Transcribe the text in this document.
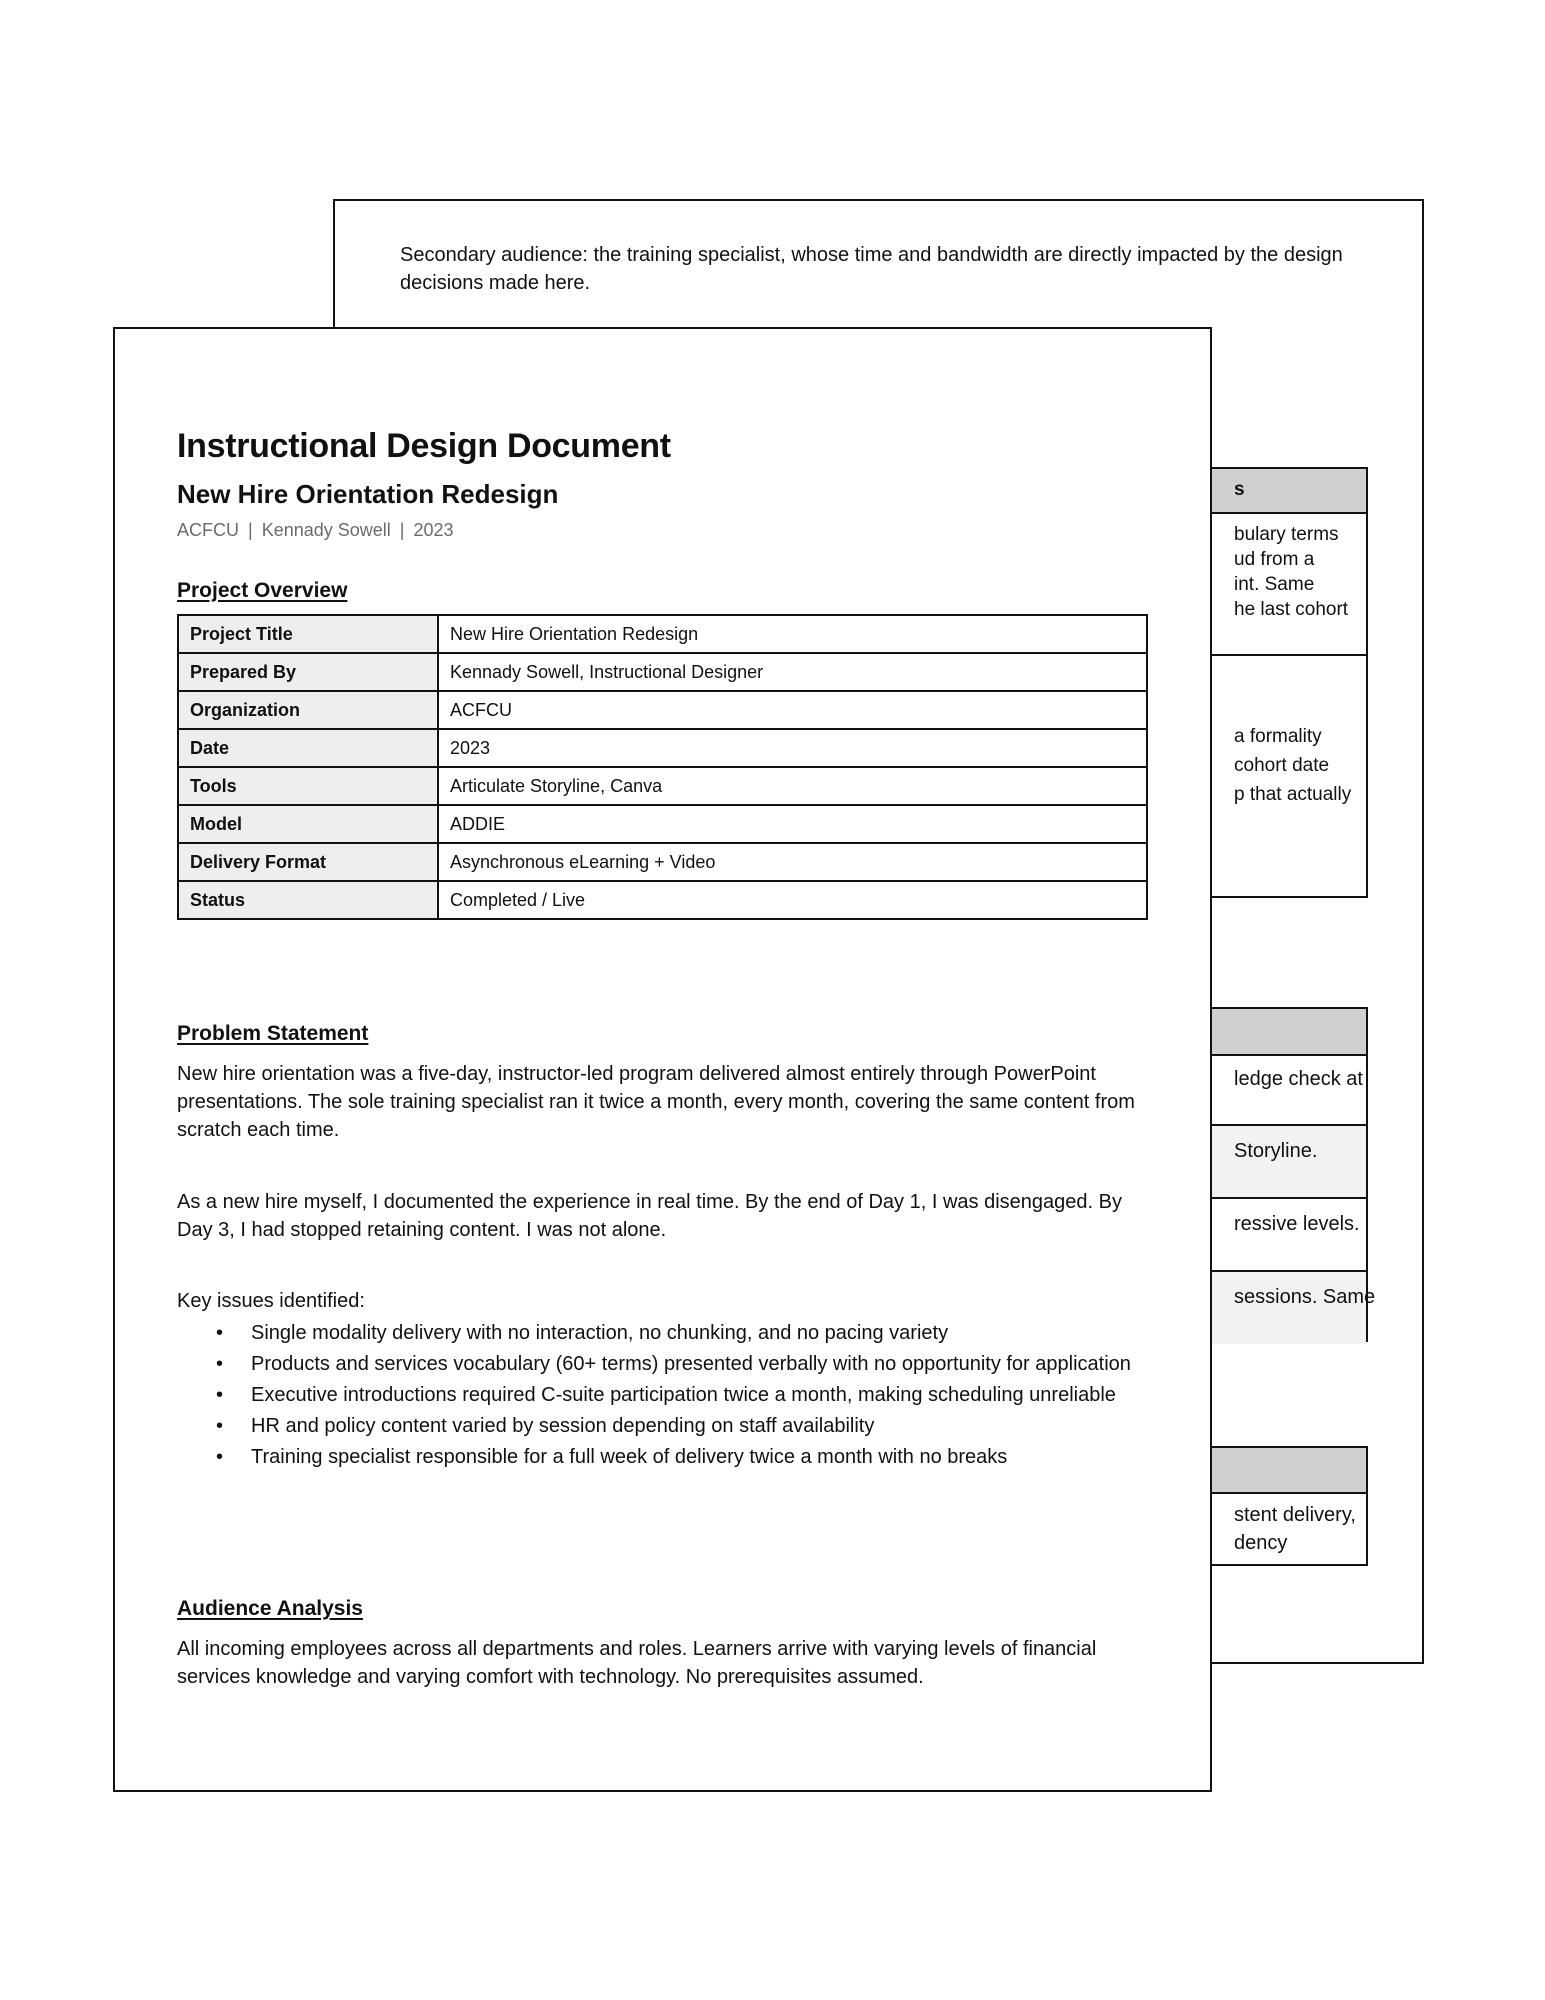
Secondary audience: the training specialist, whose time and bandwidth are directly impacted by the design decisions made here.

s
bulary terms
ud from a
int. Same
he last cohort
a formality
cohort date
p that actually
ledge check at
Storyline.
ressive levels.
sessions. Same
stent delivery,
dency
Instructional Design Document
New Hire Orientation Redesign
ACFCU | Kennady Sowell | 2023
Project Overview
Project Title	New Hire Orientation Redesign
Prepared By	Kennady Sowell, Instructional Designer
Organization	ACFCU
Date	2023
Tools	Articulate Storyline, Canva
Model	ADDIE
Delivery Format	Asynchronous eLearning + Video
Status	Completed / Live
Problem Statement

New hire orientation was a five-day, instructor-led program delivered almost entirely through PowerPoint presentations. The sole training specialist ran it twice a month, every month, covering the same content from scratch each time.

As a new hire myself, I documented the experience in real time. By the end of Day 1, I was disengaged. By Day 3, I had stopped retaining content. I was not alone.

Key issues identified:

• Single modality delivery with no interaction, no chunking, and no pacing variety
• Products and services vocabulary (60+ terms) presented verbally with no opportunity for application
• Executive introductions required C-suite participation twice a month, making scheduling unreliable
• HR and policy content varied by session depending on staff availability
• Training specialist responsible for a full week of delivery twice a month with no breaks
Audience Analysis

All incoming employees across all departments and roles. Learners arrive with varying levels of financial services knowledge and varying comfort with technology. No prerequisites assumed.
